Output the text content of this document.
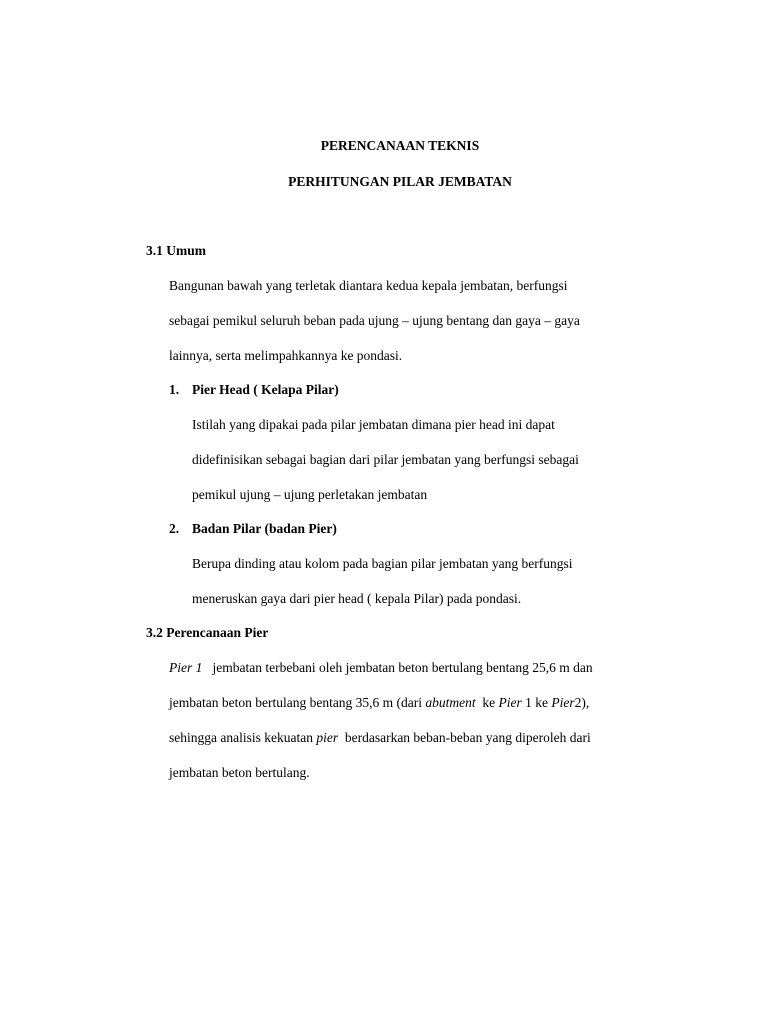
PERENCANAAN TEKNIS
PERHITUNGAN PILAR JEMBATAN
3.1 Umum
Bangunan bawah yang terletak diantara kedua kepala jembatan, berfungsi
sebagai pemikul seluruh beban pada ujung – ujung bentang dan gaya – gaya
lainnya, serta melimpahkannya ke pondasi.
1. Pier Head ( Kelapa Pilar)
Istilah yang dipakai pada pilar jembatan dimana pier head ini dapat
didefinisikan sebagai bagian dari pilar jembatan yang berfungsi sebagai
pemikul ujung – ujung perletakan jembatan
2. Badan Pilar (badan Pier)
Berupa dinding atau kolom pada bagian pilar jembatan yang berfungsi
meneruskan gaya dari pier head ( kepala Pilar) pada pondasi.
3.2 Perencanaan Pier
Pier 1 jembatan terbebani oleh jembatan beton bertulang bentang 25,6 m dan
jembatan beton bertulang bentang 35,6 m (dari abutment ke Pier 1 ke Pier2),
sehingga analisis kekuatan pier berdasarkan beban-beban yang diperoleh dari
jembatan beton bertulang.
